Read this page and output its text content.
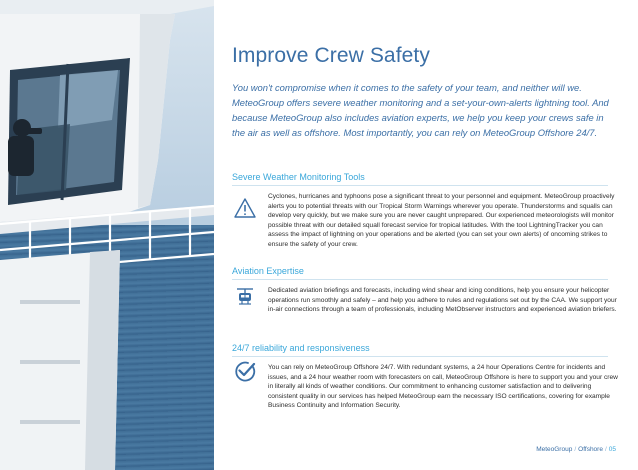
Improve Crew Safety

You won't compromise when it comes to the safety of your team, and neither will we. MeteoGroup offers severe weather monitoring and a set-your-own-alerts lightning tool. And because MeteoGroup also includes aviation experts, we help you keep your crews safe in the air as well as offshore. Most importantly, you can rely on MeteoGroup Offshore 24/7.

Severe Weather Monitoring Tools

Cyclones, hurricanes and typhoons pose a significant threat to your personnel and equipment. MeteoGroup proactively alerts you to potential threats with our Tropical Storm Warnings wherever you operate. Thunderstorms and squalls can develop very quickly, but we make sure you are never caught unprepared. Our experienced meteorologists will monitor possible threat with our detailed squall forecast service for tropical latitudes. With the tool LightningTracker you can assess the impact of lightning on your operations and be alerted (you can set your own alerts) of oncoming strikes to ensure the safety of your crew.

Aviation Expertise

Dedicated aviation briefings and forecasts, including wind shear and icing conditions, help you ensure your helicopter operations run smoothly and safely – and help you adhere to rules and regulations set out by the CAA. We support your in-air connections through a team of professionals, including MetObserver instructors and experienced aviation briefers.

24/7 reliability and responsiveness

You can rely on MeteoGroup Offshore 24/7. With redundant systems, a 24 hour Operations Centre for incidents and issues, and a 24 hour weather room with forecasters on call, MeteoGroup Offshore is here to support you and your crew in literally all kinds of weather conditions. Our commitment to enhancing customer satisfaction and to delivering consistent quality in our services has helped MeteoGroup earn the necessary ISO certifications, covering for example Business Continuity and Information Security.

MeteoGroup / Offshore / 05
